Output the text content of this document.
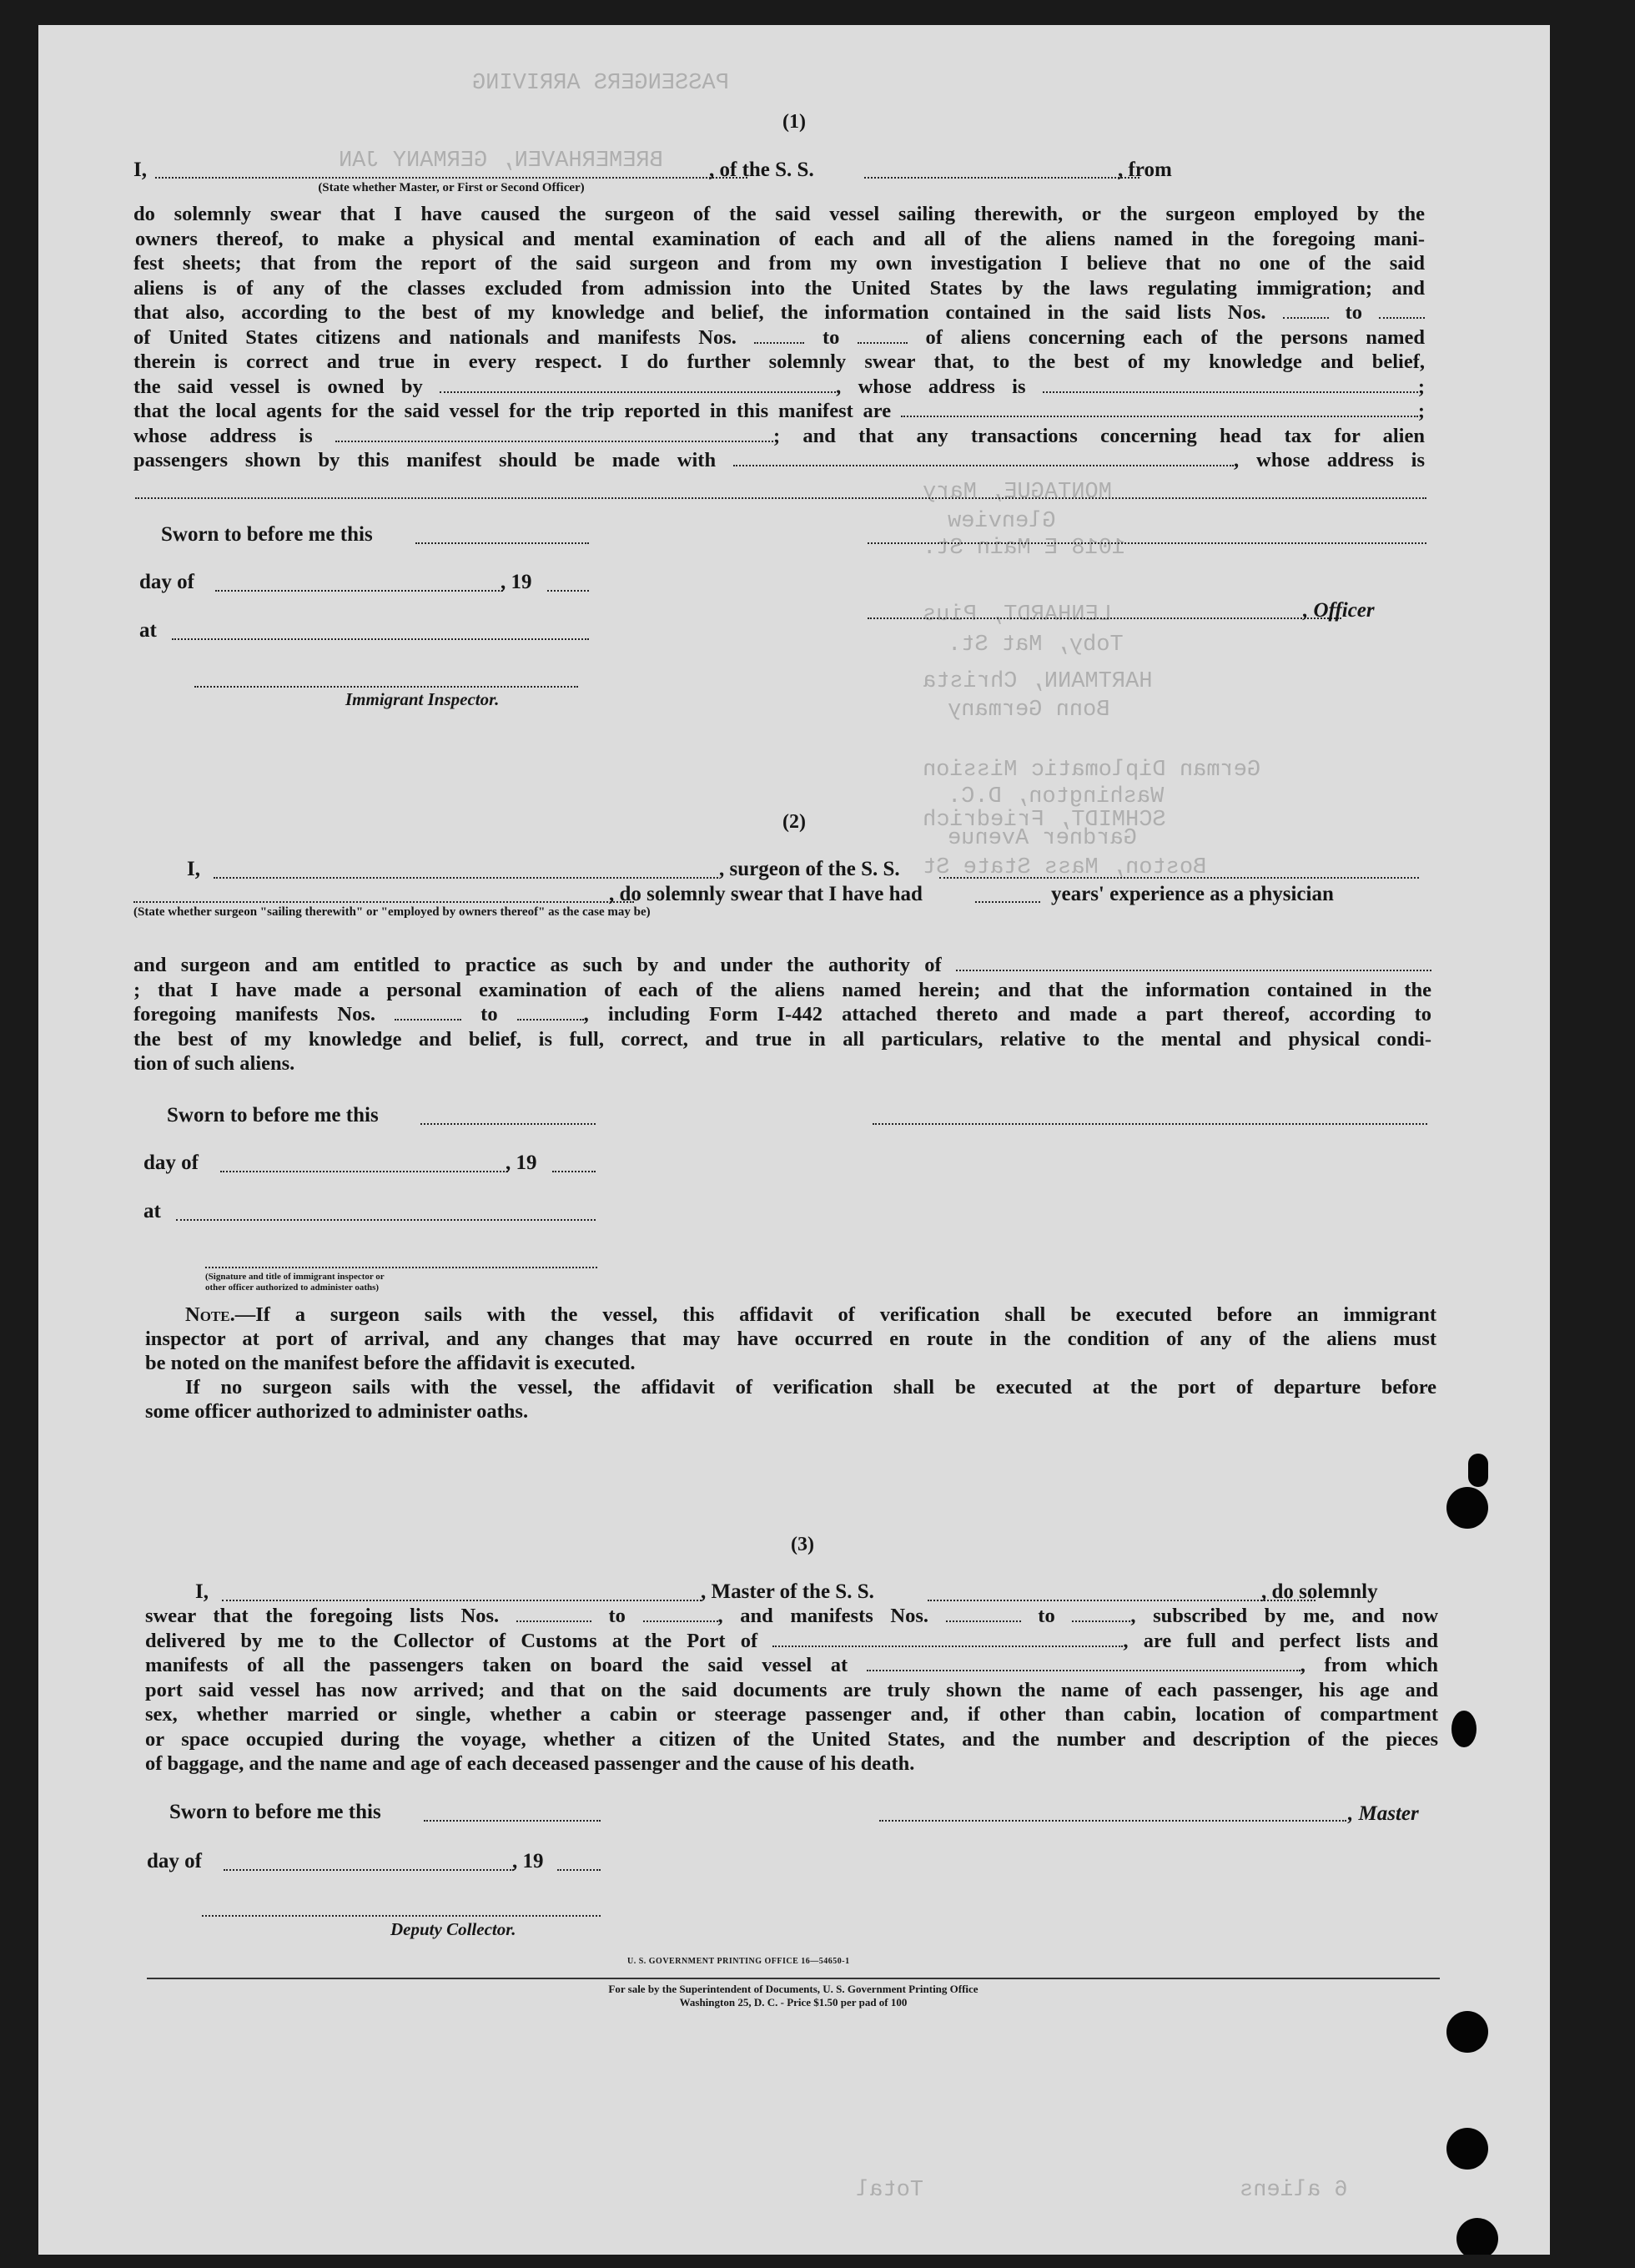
PASSENGERS ARRIVING
BREMERHAVEN, GERMANY JAN
MONTAGUE, Mary
Glenview
1018 E Main St.
LENHARDT, Pius
Toby, Mat St.
HARTMANN, Christa
Bonn Germany
German Diplomatic Mission
Washington, D.C.
Gardner Avenue
Boston, Mass State St
SCHMIDT, Friedrich
Total	6 aliens
(1)
I,	, of the S. S.	, from
(State whether Master, or First or Second Officer)
do solemnly swear that I have caused the surgeon of the said vessel sailing therewith, or the surgeon employed by the
owners thereof, to make a physical and mental examination of each and all of the aliens named in the foregoing mani-
fest sheets; that from the report of the said surgeon and from my own investigation I believe that no one of the said
aliens is of any of the classes excluded from admission into the United States by the laws regulating immigration; and
that also, according to the best of my knowledge and belief, the information contained in the said lists Nos.	to
of United States citizens and nationals and manifests Nos.	to	of aliens concerning each of the persons named
therein is correct and true in every respect. I do further solemnly swear that, to the best of my knowledge and belief,
the said vessel is owned by	, whose address is	;
that the local agents for the said vessel for the trip reported in this manifest are	;
whose address is	; and that any transactions concerning head tax for alien
passengers shown by this manifest should be made with	, whose address is
Sworn to before me this
day of	, 19
, Officer
at
Immigrant Inspector.
(2)
I,	, surgeon of the S. S.
, do solemnly swear that I have had	years' experience as a physician
(State whether surgeon "sailing therewith" or "employed by owners thereof" as the case may be)
and surgeon and am entitled to practice as such by and under the authority of
; that I have made a personal examination of each of the aliens named herein; and that the information contained in the
foregoing manifests Nos.	to	, including Form I-442 attached thereto and made a part thereof, according to
the best of my knowledge and belief, is full, correct, and true in all particulars, relative to the mental and physical condi-
tion of such aliens.
Sworn to before me this
day of	, 19
at
(Signature and title of immigrant inspector or
other officer authorized to administer oaths)
Note.—If a surgeon sails with the vessel, this affidavit of verification shall be executed before an immigrant
inspector at port of arrival, and any changes that may have occurred en route in the condition of any of the aliens must
be noted on the manifest before the affidavit is executed.
If no surgeon sails with the vessel, the affidavit of verification shall be executed at the port of departure before
some officer authorized to administer oaths.
(3)
I,	, Master of the S. S.	, do solemnly
swear that the foregoing lists Nos.	to	, and manifests Nos.	to	, subscribed by me, and now
delivered by me to the Collector of Customs at the Port of	, are full and perfect lists and
manifests of all the passengers taken on board the said vessel at	, from which
port said vessel has now arrived; and that on the said documents are truly shown the name of each passenger, his age and
sex, whether married or single, whether a cabin or steerage passenger and, if other than cabin, location of compartment
or space occupied during the voyage, whether a citizen of the United States, and the number and description of the pieces
of baggage, and the name and age of each deceased passenger and the cause of his death.
Sworn to before me this	, Master
day of	, 19
Deputy Collector.
U. S. GOVERNMENT PRINTING OFFICE 16—54650-1
For sale by the Superintendent of Documents, U. S. Government Printing Office
Washington 25, D. C. - Price $1.50 per pad of 100
